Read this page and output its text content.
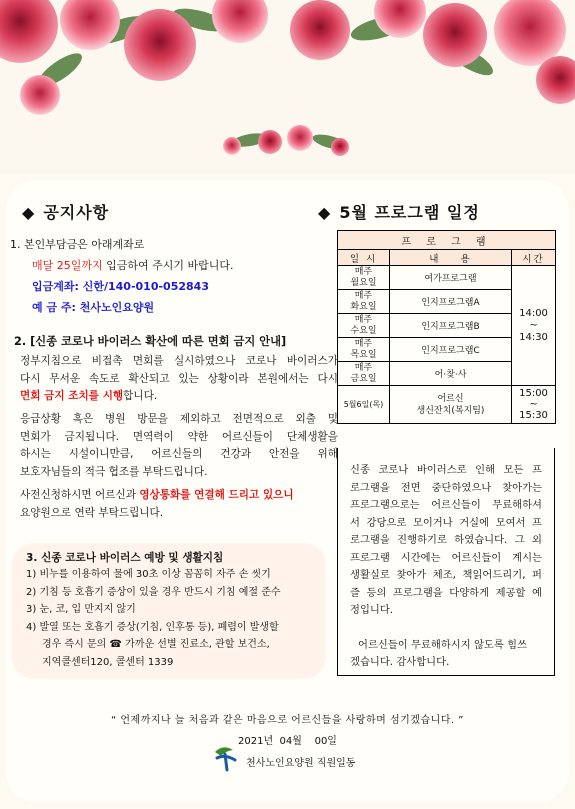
◆ 공지사항
1. 본인부담금은 아래계좌로
매달 25일까지 입금하여 주시기 바랍니다.
입금계좌: 신한/140-010-052843
예 금 주: 천사노인요양원
2. [신종 코로나 바이러스 확산에 따른 면회 금지 안내]
정부지침으로 비접촉 면회를 실시하였으나 코로나 바이러스가
다시 무서운 속도로 확산되고 있는 상황이라 본원에서는 다시
면회 금지 조치를 시행합니다.
응급상황 혹은 병원 방문을 제외하고 전면적으로 외출 및
면회가 금지됩니다. 면역력이 약한 어르신들이 단체생활을
하시는 시설이니만큼, 어르신들의 건강과 안전을 위해
보호자님들의 적극 협조를 부탁드립니다.
사전신청하시면 어르신과 영상통화를 연결해 드리고 있으니
요양원으로 연락 부탁드립니다.
3. 신종 코로나 바이러스 예방 및 생활지침
1) 비누를 이용하여 물에 30초 이상 꼼꼼히 자주 손 씻기
2) 기침 등 호흡기 증상이 있을 경우 반드시 기침 예절 준수
3) 눈, 코, 입 만지지 않기
4) 발열 또는 호흡기 증상(기침, 인후통 등), 폐렴이 발생할
경우 즉시 문의 ☎ 가까운 선별 진료소, 관할 보건소,
지역콜센터120, 콜센터 1339
◆ 5월 프로그램 일정
프 로 그 램		
일 시	내    용	시간
매주
월요일	여가프로그램	14:00
~
14:30
매주
화요일	인지프로그램A	
매주
수요일	인지프로그램B	
매주
목요일	인지프로그램C	
매주
금요일	어·찾·사	
5월6일(목)	어르신
생신잔치(복지팀)	15:00
~
15:30
신종 코로나 바이러스로 인해 모든 프
로그램을 전면 중단하였으나 찾아가는
프로그램으로는 어르신들이 무료해하셔
서 강당으로 모이거나 거실에 모여서 프
로그램을 진행하기로 하였습니다. 그 외
프로그램 시간에는 어르신들이 계시는
생활실로 찾아가 체조, 책읽어드리기, 퍼
즐 등의 프로그램을 다양하게 제공할 예
정입니다.
어르신들이 무료해하시지 않도록 힘쓰
겠습니다. 감사합니다.
“ 언제까지나 늘 처음과 같은 마음으로 어르신들을 사랑하며 섬기겠습니다. ”
2021년  04월    00일
천사노인요양원 직원일동
